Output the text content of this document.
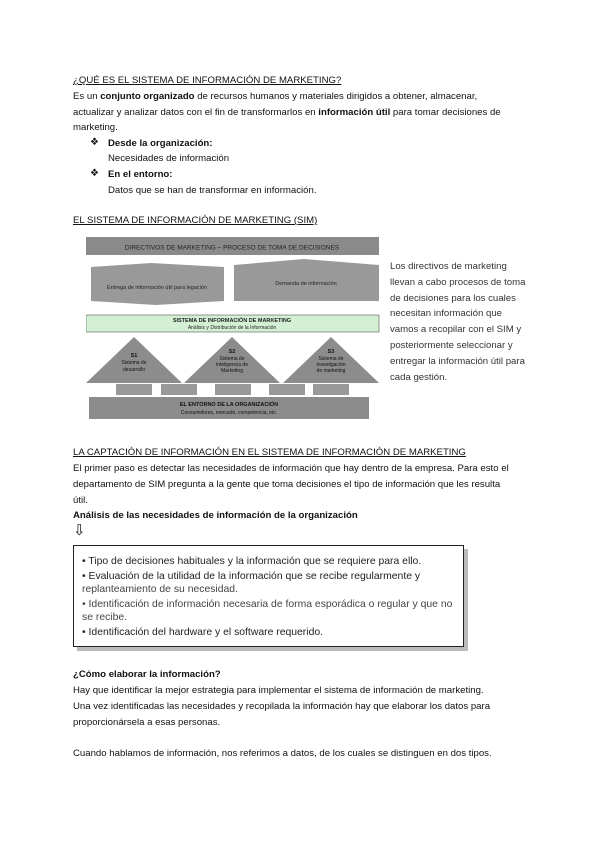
¿QUÉ ES EL SISTEMA DE INFORMACIÓN DE MARKETING?
Es un conjunto organizado de recursos humanos y materiales dirigidos a obtener, almacenar,
actualizar y analizar datos con el fin de transformarlos en información útil para tomar decisiones de
marketing.
❖ Desde la organización:
Necesidades de información
❖ En el entorno:
Datos que se han de transformar en información.
EL SISTEMA DE INFORMACIÓN DE MARKETING (SIM)
DIRECTIVOS DE MARKETING – PROCESO DE TOMA DE DECISIONES
Entrega de información útil para legación
Demanda de información
SISTEMA DE INFORMACIÓN DE MARKETING
Análisis y Distribución de la Información
S1
Sistema de
desarrollo
S2
Sistema de
inteligencia de
Marketing
S3
Sistema de
Investigación
de marketing
EL ENTORNO DE LA ORGANIZACIÓN
Consumidores, mercado, competencia, etc.
Los directivos de marketing llevan a cabo procesos de toma de decisiones para los cuales necesitan información que vamos a recopilar con el SIM y posteriormente seleccionar y entregar la información útil para cada gestión.
LA CAPTACIÓN DE INFORMACIÓN EN EL SISTEMA DE INFORMACIÓN DE MARKETING
El primer paso es detectar las necesidades de información que hay dentro de la empresa. Para esto el
departamento de SIM pregunta a la gente que toma decisiones el tipo de información que les resulta
útil.
Análisis de las necesidades de información de la organización
⇩
• Tipo de decisiones habituales y la información que se requiere para ello.
• Evaluación de la utilidad de la información que se recibe regularmente y
replanteamiento de su necesidad.
• Identificación de información necesaria de forma esporádica o regular y que no
se recibe.
• Identificación del hardware y el software requerido.
¿Cómo elaborar la información?
Hay que identificar la mejor estrategia para implementar el sistema de información de marketing.
Una vez identificadas las necesidades y recopilada la información hay que elaborar los datos para
proporcionársela a esas personas.
Cuando hablamos de información, nos referimos a datos, de los cuales se distinguen en dos tipos.
